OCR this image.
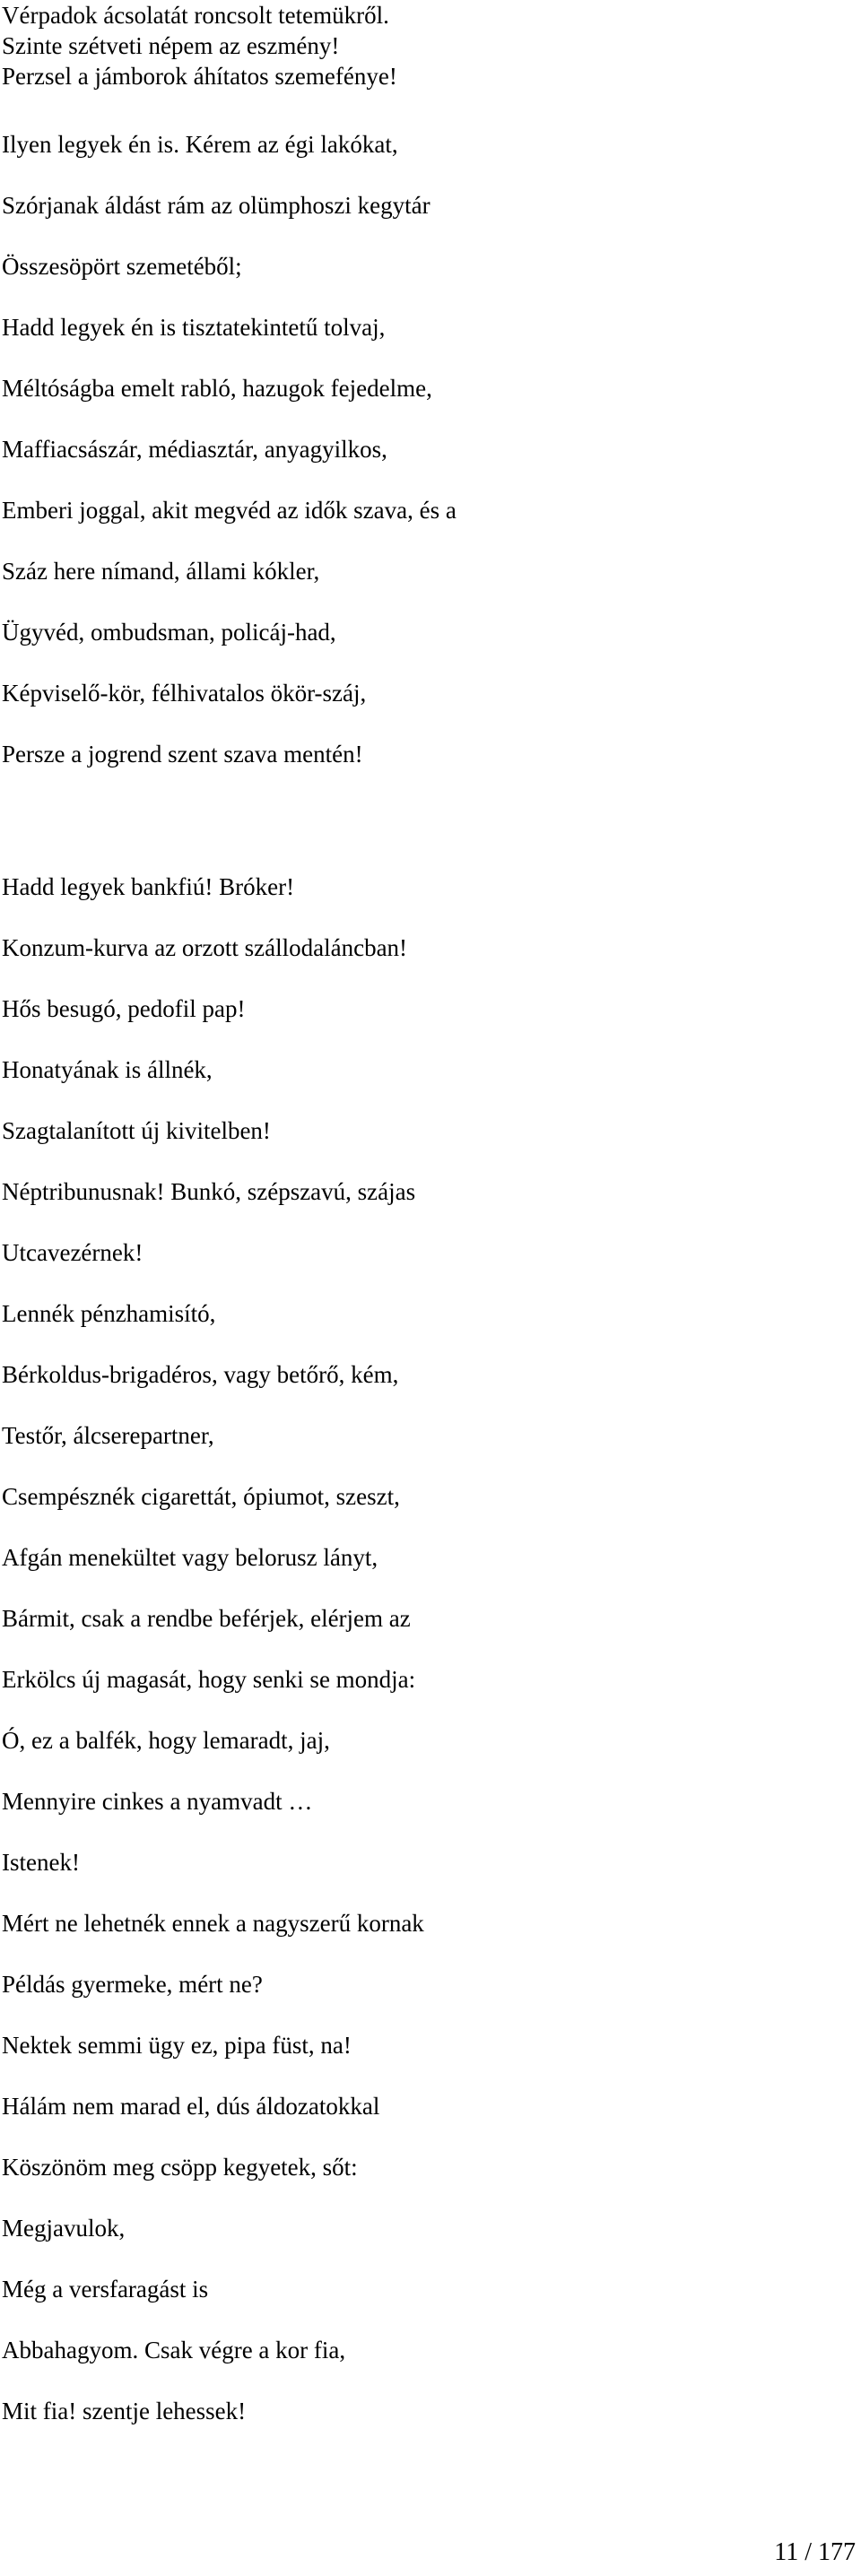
Vérpadok ácsolatát roncsolt tetemükről.
Szinte szétveti népem az eszmény!
Perzsel a jámborok áhítatos szemefénye!
Ilyen legyek én is. Kérem az égi lakókat,
Szórjanak áldást rám az olümphoszi kegytár
Összesöpört szemetéből;
Hadd legyek én is tisztatekintetű tolvaj,
Méltóságba emelt rabló, hazugok fejedelme,
Maffiacsászár, médiasztár, anyagyilkos,
Emberi joggal, akit megvéd az idők szava, és a
Száz here nímand, állami kókler,
Ügyvéd, ombudsman, policáj-had,
Képviselő-kör, félhivatalos ökör-száj,
Persze a jogrend szent szava mentén!
Hadd legyek bankfiú! Bróker!
Konzum-kurva az orzott szállodaláncban!
Hős besugó, pedofil pap!
Honatyának is állnék,
Szagtalanított új kivitelben!
Néptribunusnak! Bunkó, szépszavú, szájas
Utcavezérnek!
Lennék pénzhamisító,
Bérkoldus-brigadéros, vagy betőrő, kém,
Testőr, álcserepartner,
Csempésznék cigarettát, ópiumot, szeszt,
Afgán menekültet vagy belorusz lányt,
Bármit, csak a rendbe beférjek, elérjem az
Erkölcs új magasát, hogy senki se mondja:
Ó, ez a balfék, hogy lemaradt, jaj,
Mennyire cinkes a nyamvadt …
Istenek!
Mért ne lehetnék ennek a nagyszerű kornak
Példás gyermeke, mért ne?
Nektek semmi ügy ez, pipa füst, na!
Hálám nem marad el, dús áldozatokkal
Köszönöm meg csöpp kegyetek, sőt:
Megjavulok,
Még a versfaragást is
Abbahagyom. Csak végre a kor fia,
Mit fia! szentje lehessek!
11 / 177
